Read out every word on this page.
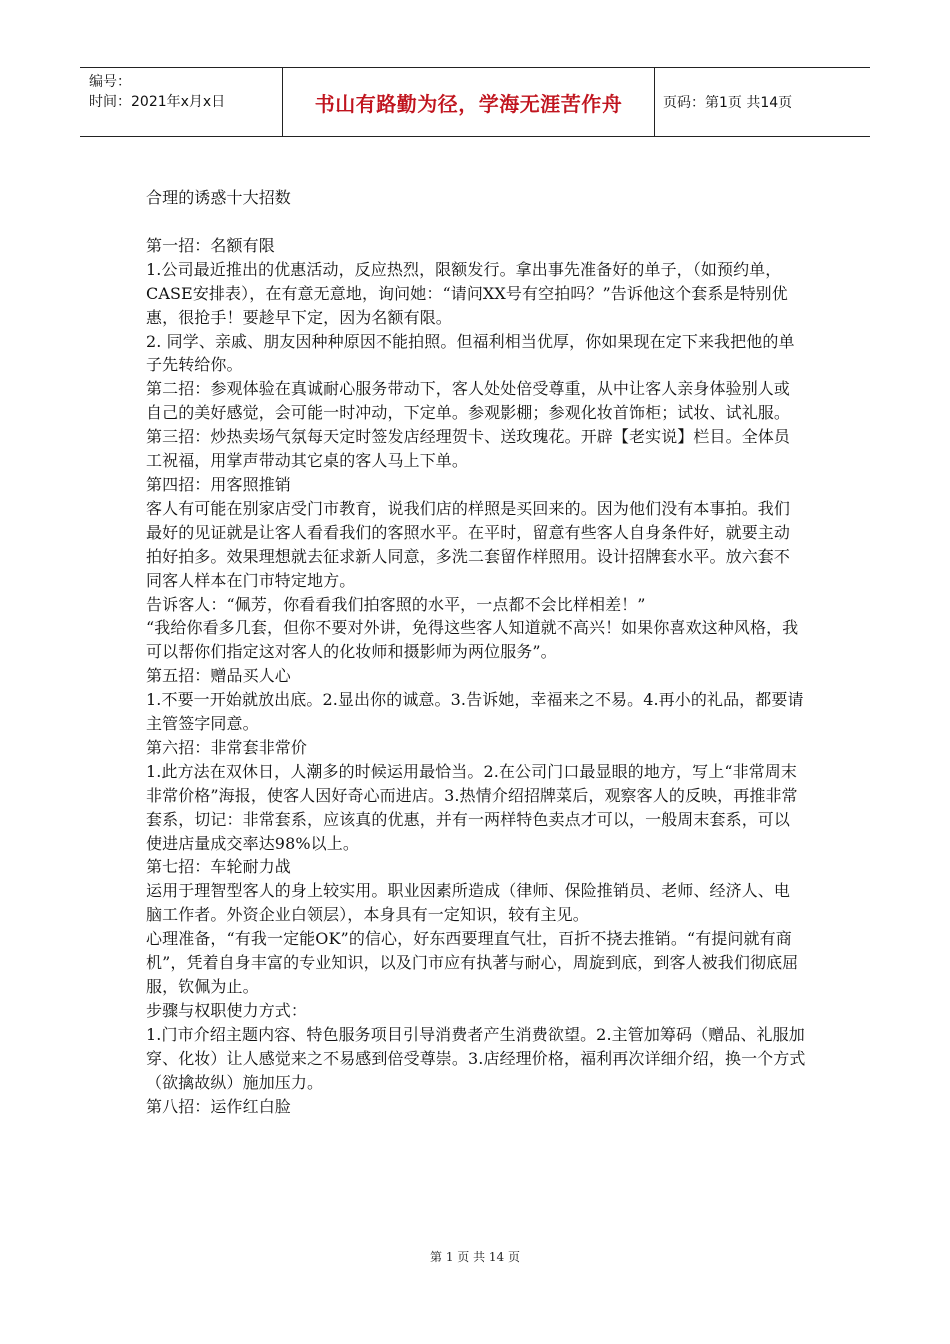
编号：
时间：2021年x月x日	书山有路勤为径，学海无涯苦作舟	页码：第1页 共14页

合理的诱惑十大招数

第一招：名额有限

1.公司最近推出的优惠活动，反应热烈，限额发行。拿出事先准备好的单子，（如预约单，CASE安排表），在有意无意地，询问她：“请问XX号有空拍吗？”告诉他这个套系是特别优惠，很抢手！要趁早下定，因为名额有限。

2. 同学、亲戚、朋友因种种原因不能拍照。但福利相当优厚，你如果现在定下来我把他的单子先转给你。

第二招：参观体验在真诚耐心服务带动下，客人处处倍受尊重，从中让客人亲身体验别人或自己的美好感觉，会可能一时冲动，下定单。参观影棚；参观化妆首饰柜；试妆、试礼服。

第三招：炒热卖场气氛每天定时签发店经理贺卡、送玫瑰花。开辟【老实说】栏目。全体员工祝福，用掌声带动其它桌的客人马上下单。

第四招：用客照推销

客人有可能在别家店受门市教育，说我们店的样照是买回来的。因为他们没有本事拍。我们最好的见证就是让客人看看我们的客照水平。在平时，留意有些客人自身条件好，就要主动拍好拍多。效果理想就去征求新人同意，多洗二套留作样照用。设计招牌套水平。放六套不同客人样本在门市特定地方。

告诉客人：“佩芳，你看看我们拍客照的水平，一点都不会比样相差！”

“我给你看多几套，但你不要对外讲，免得这些客人知道就不高兴！如果你喜欢这种风格，我可以帮你们指定这对客人的化妆师和摄影师为两位服务”。

第五招：赠品买人心

1.不要一开始就放出底。2.显出你的诚意。3.告诉她，幸福来之不易。4.再小的礼品，都要请主管签字同意。

第六招：非常套非常价

1.此方法在双休日，人潮多的时候运用最恰当。2.在公司门口最显眼的地方，写上“非常周末非常价格”海报，使客人因好奇心而进店。3.热情介绍招牌菜后，观察客人的反映，再推非常套系，切记：非常套系，应该真的优惠，并有一两样特色卖点才可以，一般周末套系，可以使进店量成交率达98%以上。

第七招：车轮耐力战

运用于理智型客人的身上较实用。职业因素所造成（律师、保险推销员、老师、经济人、电脑工作者。外资企业白领层），本身具有一定知识，较有主见。

心理准备，“有我一定能OK”的信心，好东西要理直气壮，百折不挠去推销。“有提问就有商机”，凭着自身丰富的专业知识，以及门市应有执著与耐心，周旋到底，到客人被我们彻底屈服，钦佩为止。

步骤与权职使力方式：

1.门市介绍主题内容、特色服务项目引导消费者产生消费欲望。2.主管加筹码（赠品、礼服加穿、化妆）让人感觉来之不易感到倍受尊崇。3.店经理价格，福利再次详细介绍，换一个方式（欲擒故纵）施加压力。

第八招：运作红白脸

第 1 页 共 14 页
